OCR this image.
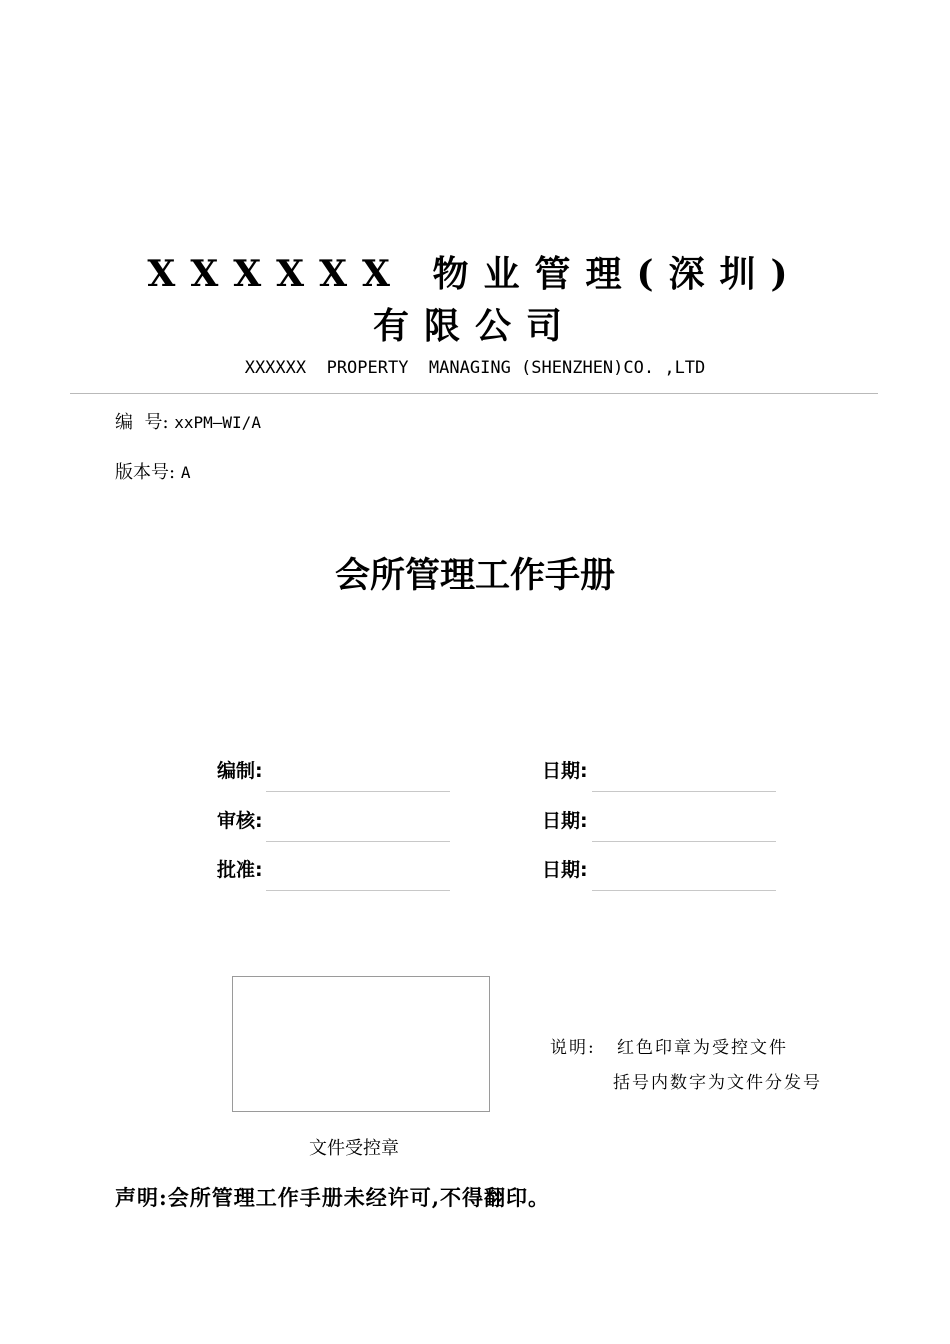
XXXXXX 物业管理(深圳)有限公司
XXXXXX  PROPERTY  MANAGING (SHENZHEN)CO. ,LTD
编  号: xxPM—WI/A
版本号: A
会所管理工作手册
编制:	日期:
审核:	日期:
批准:	日期:
文件受控章
说明: 红色印章为受控文件
括号内数字为文件分发号
声明:会所管理工作手册未经许可,不得翻印。
